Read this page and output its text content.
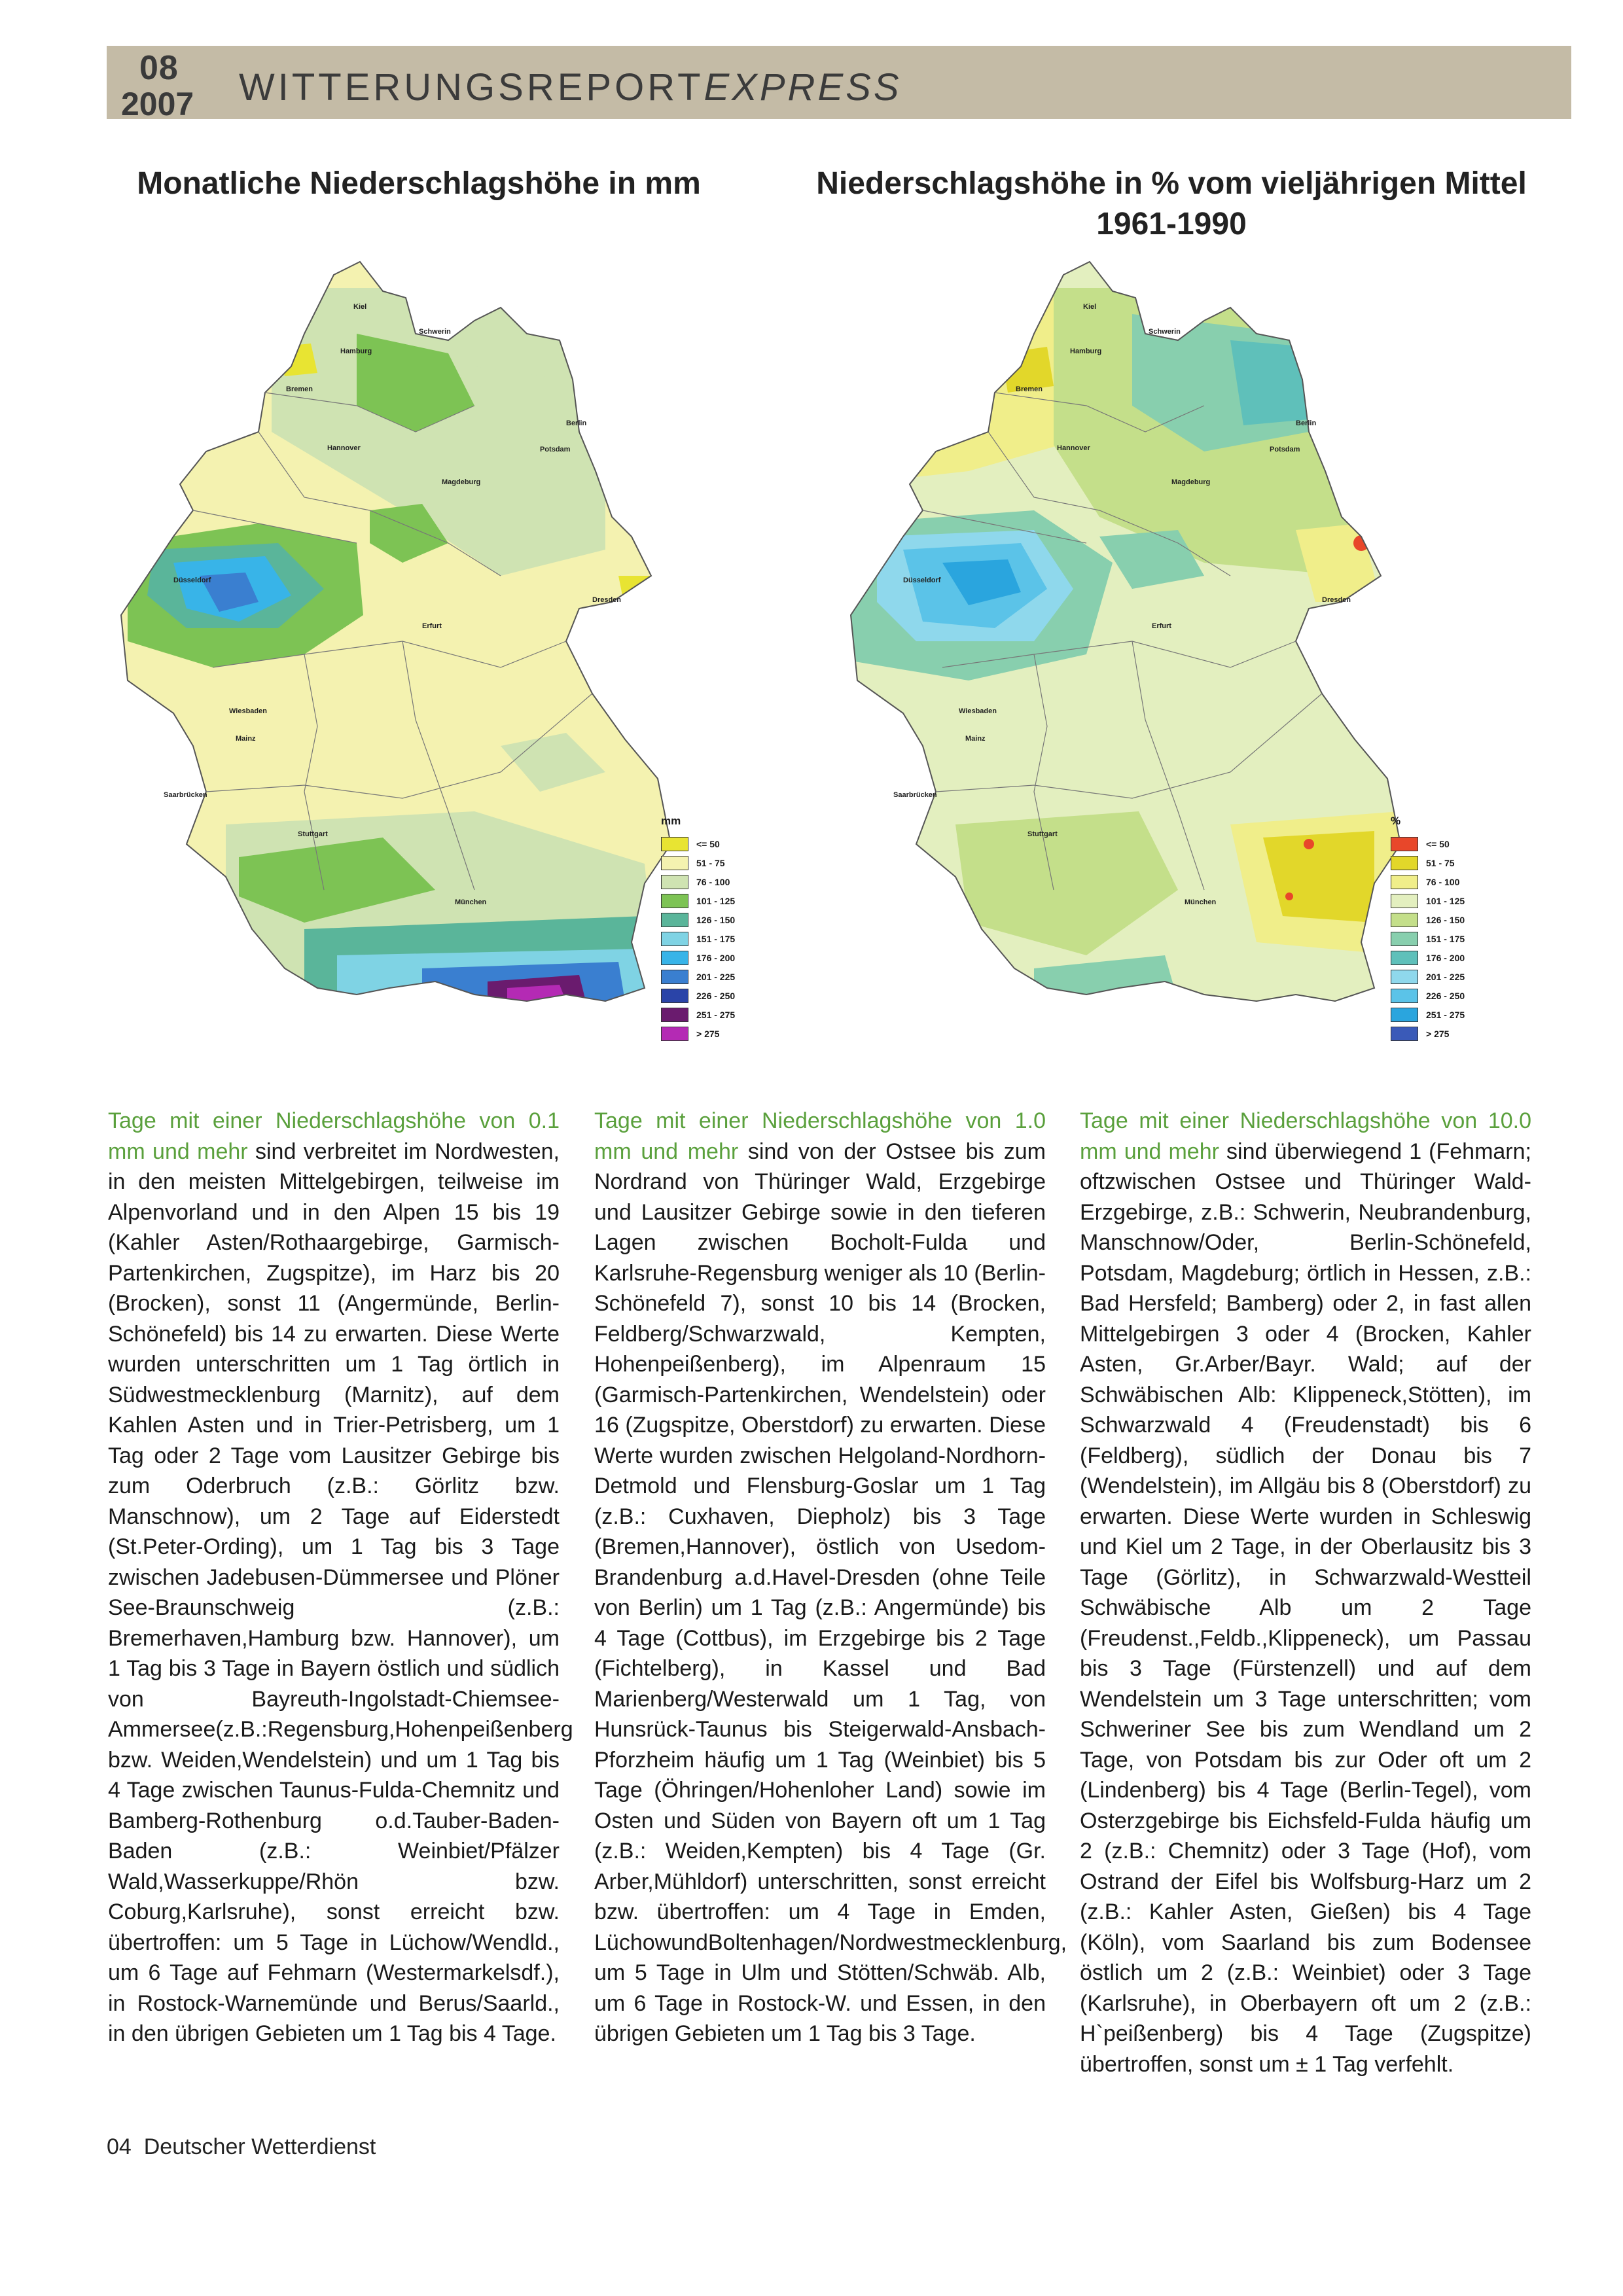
08
2007 WITTERUNGSREPORTEXPRESS
Monatliche Niederschlagshöhe in mm	Niederschlagshöhe in % vom vieljährigen Mittel
1961-1990
Kiel
Hamburg
Schwerin
Bremen
Berlin
Hannover	Potsdam
Magdeburg
Düsseldorf
Dresden
Erfurt
Wiesbaden
Mainz
Saarbrücken
Stuttgart
München
Kiel
Hamburg
Schwerin
Bremen
Berlin
Hannover	Potsdam
Magdeburg
Düsseldorf
Dresden
Erfurt
Wiesbaden
Mainz
Saarbrücken
Stuttgart
München
mm
<= 50
51 - 75
76 - 100
101 - 125
126 - 150
151 - 175
176 - 200
201 - 225
226 - 250
251 - 275
> 275
%
<= 50
51 - 75
76 - 100
101 - 125
126 - 150
151 - 175
176 - 200
201 - 225
226 - 250
251 - 275
> 275
Tage mit einer Niederschlagshöhe von 0.1 mm und mehr sind verbreitet im Nordwesten, in den meisten Mittelgebirgen, teilweise im Alpenvorland und in den Alpen 15 bis 19 (Kahler Asten/Rothaargebirge, Garmisch-Partenkirchen, Zugspitze), im Harz bis 20 (Brocken), sonst 11 (Angermünde, Berlin-Schönefeld) bis 14 zu erwarten. Diese Werte wurden unterschritten um 1 Tag örtlich in Südwestmecklenburg (Marnitz), auf dem Kahlen Asten und in Trier-Petrisberg, um 1 Tag oder 2 Tage vom Lausitzer Gebirge bis zum Oderbruch (z.B.: Görlitz bzw. Manschnow), um 2 Tage auf Eiderstedt (St.Peter-Ording), um 1 Tag bis 3 Tage zwischen Jadebusen-Dümmersee und Plöner See-Braunschweig (z.B.: Bremerhaven,Hamburg bzw. Hannover), um 1 Tag bis 3 Tage in Bayern östlich und südlich von Bayreuth-Ingolstadt-Chiemsee-Ammersee(z.B.:Regensburg,Hohenpeißenberg bzw. Weiden,Wendelstein) und um 1 Tag bis 4 Tage zwischen Taunus-Fulda-Chemnitz und Bamberg-Rothenburg o.d.Tauber-Baden-Baden (z.B.: Weinbiet/Pfälzer Wald,Wasserkuppe/Rhön bzw. Coburg,Karlsruhe), sonst erreicht bzw. übertroffen: um 5 Tage in Lüchow/Wendld., um 6 Tage auf Fehmarn (Westermarkelsdf.), in Rostock-Warnemünde und Berus/Saarld., in den übrigen Gebieten um 1 Tag bis 4 Tage.
Tage mit einer Niederschlagshöhe von 1.0 mm und mehr sind von der Ostsee bis zum Nordrand von Thüringer Wald, Erzgebirge und Lausitzer Gebirge sowie in den tieferen Lagen zwischen Bocholt-Fulda und Karlsruhe-Regensburg weniger als 10 (Berlin-Schönefeld 7), sonst 10 bis 14 (Brocken, Feldberg/Schwarzwald, Kempten, Hohenpeißenberg), im Alpenraum 15 (Garmisch-Partenkirchen, Wendelstein) oder 16 (Zugspitze, Oberstdorf) zu erwarten. Diese Werte wurden zwischen Helgoland-Nordhorn-Detmold und Flensburg-Goslar um 1 Tag (z.B.: Cuxhaven, Diepholz) bis 3 Tage (Bremen,Hannover), östlich von Usedom-Brandenburg a.d.Havel-Dresden (ohne Teile von Berlin) um 1 Tag (z.B.: Angermünde) bis 4 Tage (Cottbus), im Erzgebirge bis 2 Tage (Fichtelberg), in Kassel und Bad Marienberg/Westerwald um 1 Tag, von Hunsrück-Taunus bis Steigerwald-Ansbach-Pforzheim häufig um 1 Tag (Weinbiet) bis 5 Tage (Öhringen/Hohenloher Land) sowie im Osten und Süden von Bayern oft um 1 Tag (z.B.: Weiden,Kempten) bis 4 Tage (Gr. Arber,Mühldorf) unterschritten, sonst erreicht bzw. übertroffen: um 4 Tage in Emden, LüchowundBoltenhagen/Nordwestmecklenburg, um 5 Tage in Ulm und Stötten/Schwäb. Alb, um 6 Tage in Rostock-W. und Essen, in den übrigen Gebieten um 1 Tag bis 3 Tage.
Tage mit einer Niederschlagshöhe von 10.0 mm und mehr sind überwiegend 1 (Fehmarn; oftzwischen Ostsee und Thüringer Wald-Erzgebirge, z.B.: Schwerin, Neubrandenburg, Manschnow/Oder, Berlin-Schönefeld, Potsdam, Magdeburg; örtlich in Hessen, z.B.: Bad Hersfeld; Bamberg) oder 2, in fast allen Mittelgebirgen 3 oder 4 (Brocken, Kahler Asten, Gr.Arber/Bayr. Wald; auf der Schwäbischen Alb: Klippeneck,Stötten), im Schwarzwald 4 (Freudenstadt) bis 6 (Feldberg), südlich der Donau bis 7 (Wendelstein), im Allgäu bis 8 (Oberstdorf) zu erwarten. Diese Werte wurden in Schleswig und Kiel um 2 Tage, in der Oberlausitz bis 3 Tage (Görlitz), in Schwarzwald-Westteil Schwäbische Alb um 2 Tage (Freudenst.,Feldb.,Klippeneck), um Passau bis 3 Tage (Fürstenzell) und auf dem Wendelstein um 3 Tage unterschritten; vom Schweriner See bis zum Wendland um 2 Tage, von Potsdam bis zur Oder oft um 2 (Lindenberg) bis 4 Tage (Berlin-Tegel), vom Osterzgebirge bis Eichsfeld-Fulda häufig um 2 (z.B.: Chemnitz) oder 3 Tage (Hof), vom Ostrand der Eifel bis Wolfsburg-Harz um 2 (z.B.: Kahler Asten, Gießen) bis 4 Tage (Köln), vom Saarland bis zum Bodensee östlich um 2 (z.B.: Weinbiet) oder 3 Tage (Karlsruhe), in Oberbayern oft um 2 (z.B.: H`peißenberg) bis 4 Tage (Zugspitze) übertroffen, sonst um ± 1 Tag verfehlt.
04 Deutscher Wetterdienst
